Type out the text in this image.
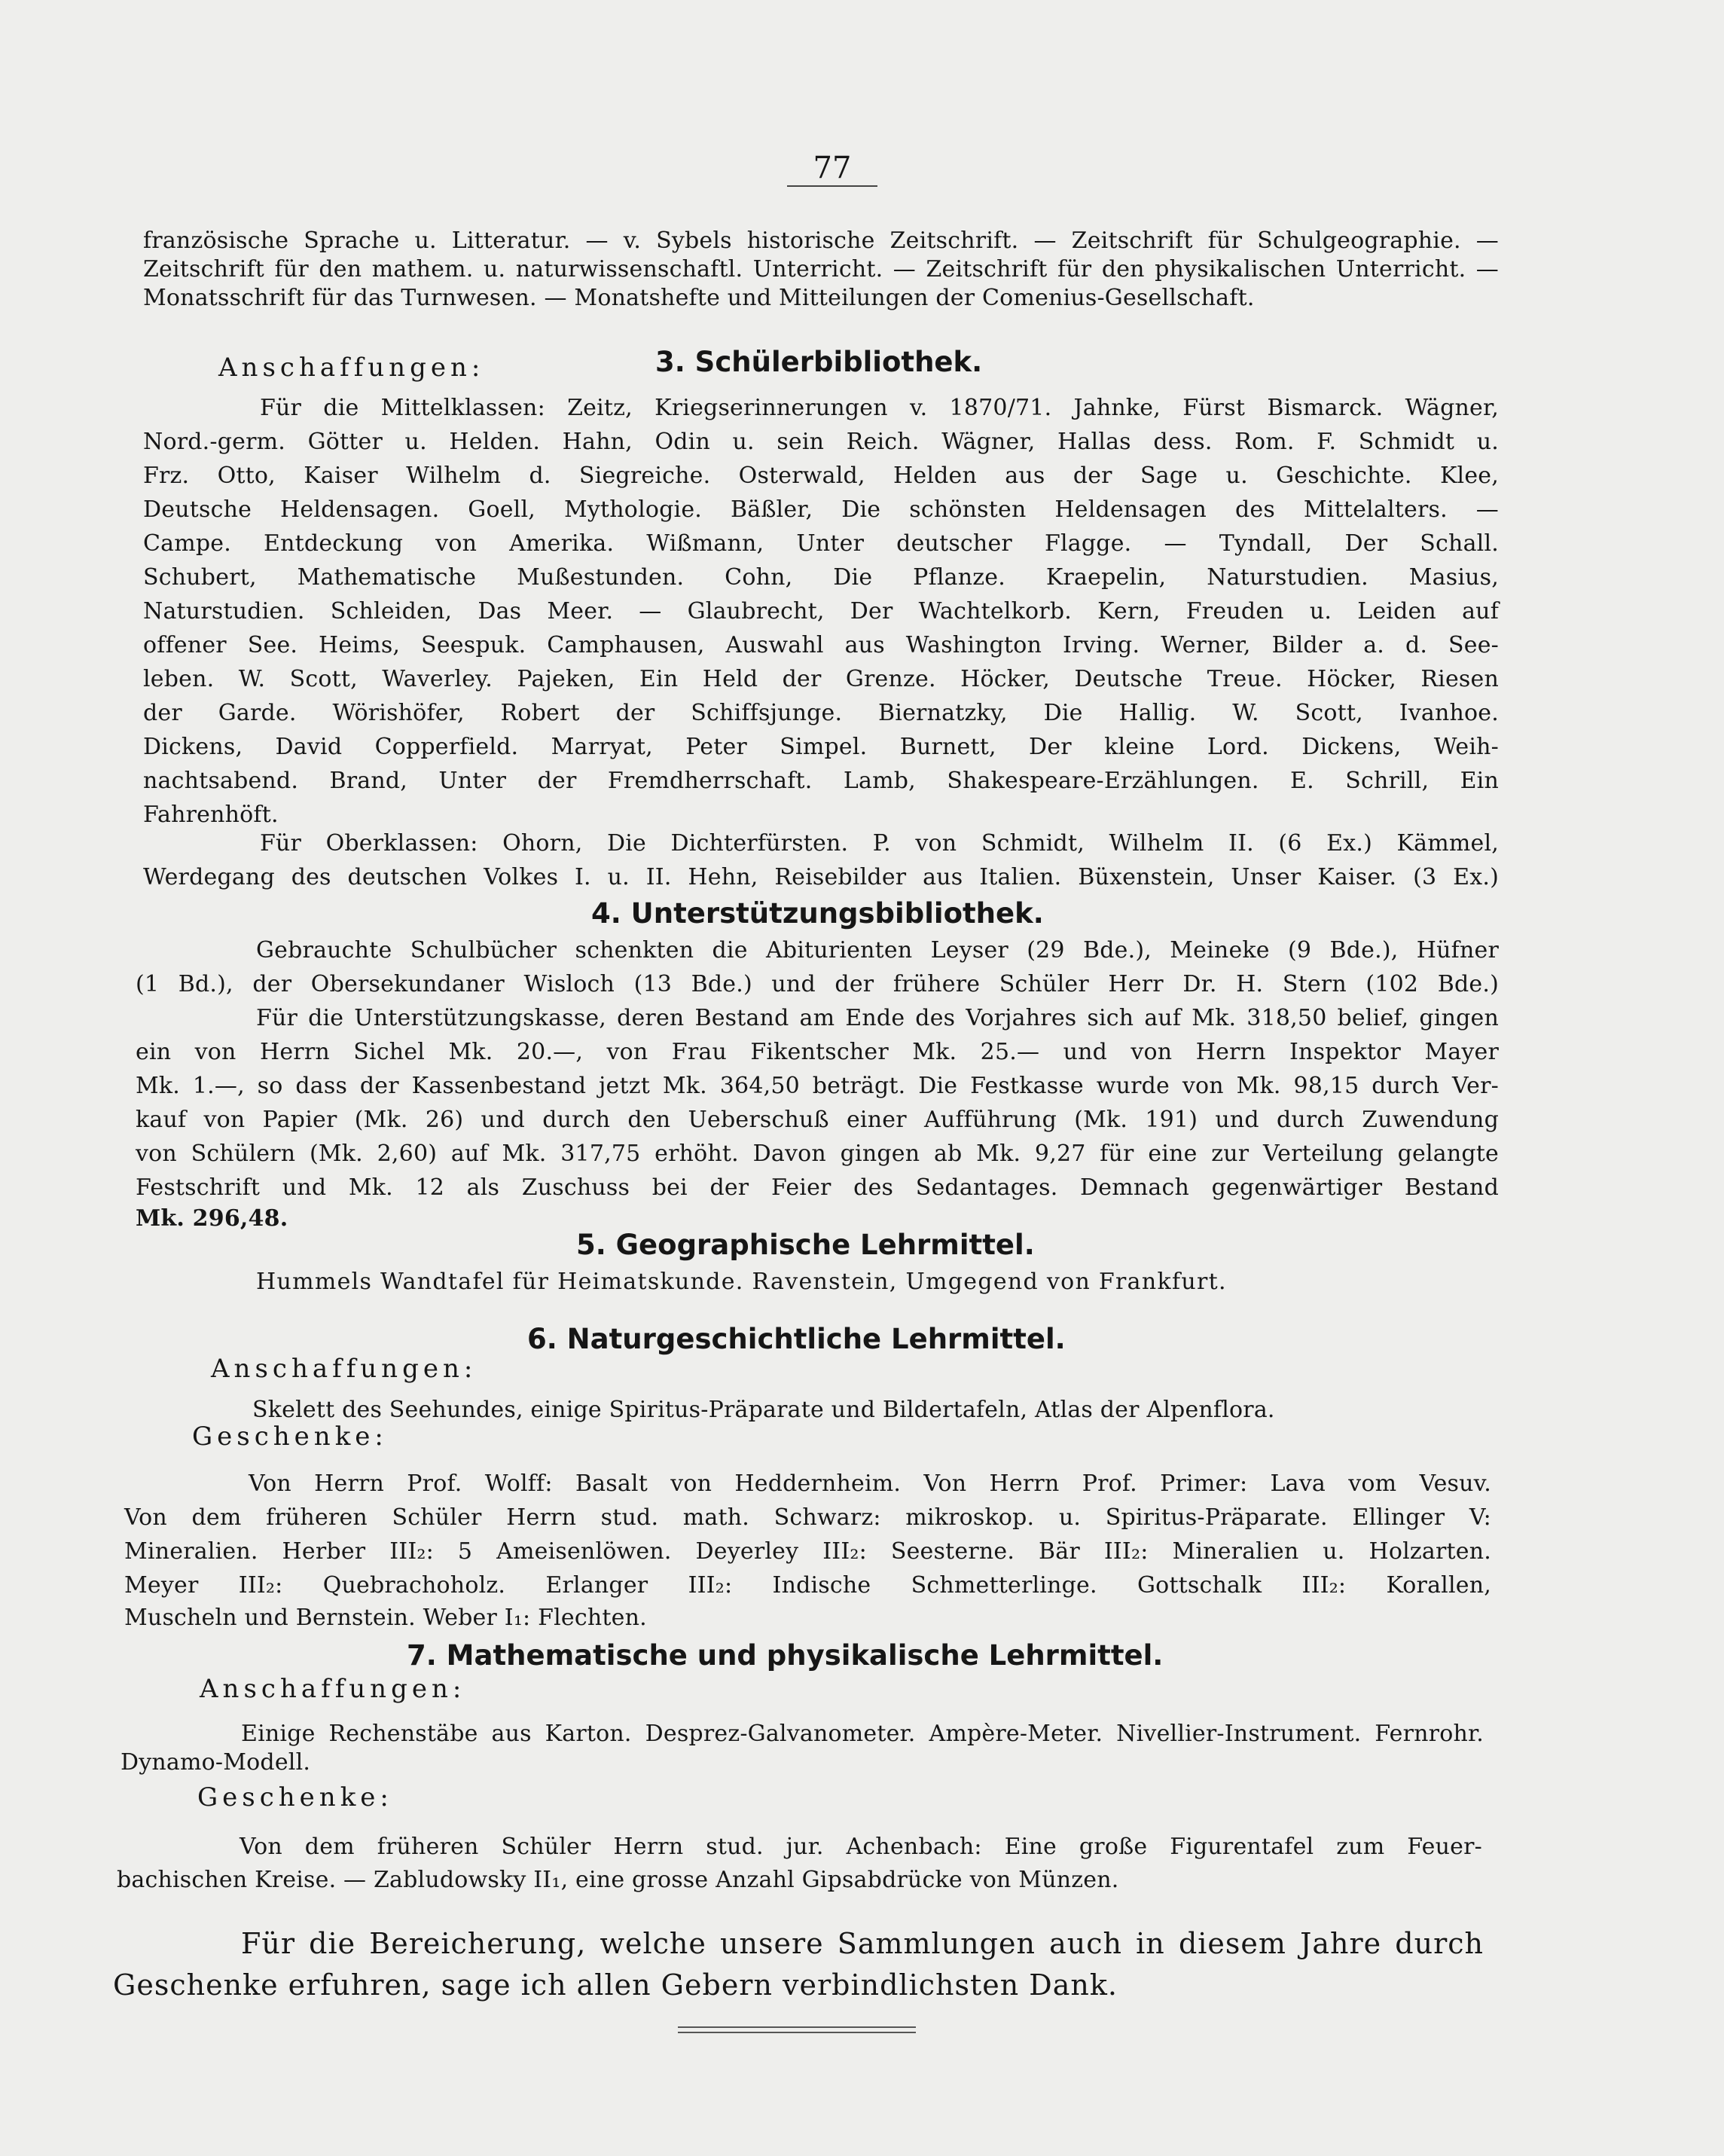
77
französische Sprache u. Litteratur. — v. Sybels historische Zeitschrift. — Zeitschrift für Schulgeographie. —
Zeitschrift für den mathem. u. naturwissenschaftl. Unterricht. — Zeitschrift für den physikalischen Unterricht. —
Monatsschrift für das Turnwesen. — Monatshefte und Mitteilungen der Comenius-Gesellschaft.
Anschaffungen:	3. Schülerbibliothek.
Für die Mittelklassen: Zeitz, Kriegserinnerungen v. 1870/71. Jahnke, Fürst Bismarck. Wägner,
Nord.-germ. Götter u. Helden. Hahn, Odin u. sein Reich. Wägner, Hallas dess. Rom. F. Schmidt u.
Frz. Otto, Kaiser Wilhelm d. Siegreiche. Osterwald, Helden aus der Sage u. Geschichte. Klee,
Deutsche Heldensagen. Goell, Mythologie. Bäßler, Die schönsten Heldensagen des Mittelalters. —
Campe. Entdeckung von Amerika. Wißmann, Unter deutscher Flagge. — Tyndall, Der Schall.
Schubert, Mathematische Mußestunden. Cohn, Die Pflanze. Kraepelin, Naturstudien. Masius,
Naturstudien. Schleiden, Das Meer. — Glaubrecht, Der Wachtelkorb. Kern, Freuden u. Leiden auf
offener See. Heims, Seespuk. Camphausen, Auswahl aus Washington Irving. Werner, Bilder a. d. See-
leben. W. Scott, Waverley. Pajeken, Ein Held der Grenze. Höcker, Deutsche Treue. Höcker, Riesen
der Garde. Wörishöfer, Robert der Schiffsjunge. Biernatzky, Die Hallig. W. Scott, Ivanhoe.
Dickens, David Copperfield. Marryat, Peter Simpel. Burnett, Der kleine Lord. Dickens, Weih-
nachtsabend. Brand, Unter der Fremdherrschaft. Lamb, Shakespeare-Erzählungen. E. Schrill, Ein
Fahrenhöft.
Für Oberklassen: Ohorn, Die Dichterfürsten. P. von Schmidt, Wilhelm II. (6 Ex.) Kämmel,
Werdegang des deutschen Volkes I. u. II. Hehn, Reisebilder aus Italien. Büxenstein, Unser Kaiser. (3 Ex.)
4. Unterstützungsbibliothek.
Gebrauchte Schulbücher schenkten die Abiturienten Leyser (29 Bde.), Meineke (9 Bde.), Hüfner
(1 Bd.), der Obersekundaner Wisloch (13 Bde.) und der frühere Schüler Herr Dr. H. Stern (102 Bde.)
Für die Unterstützungskasse, deren Bestand am Ende des Vorjahres sich auf Mk. 318,50 belief, gingen
ein von Herrn Sichel Mk. 20.—, von Frau Fikentscher Mk. 25.— und von Herrn Inspektor Mayer
Mk. 1.—, so dass der Kassenbestand jetzt Mk. 364,50 beträgt. Die Festkasse wurde von Mk. 98,15 durch Ver-
kauf von Papier (Mk. 26) und durch den Ueberschuß einer Aufführung (Mk. 191) und durch Zuwendung
von Schülern (Mk. 2,60) auf Mk. 317,75 erhöht. Davon gingen ab Mk. 9,27 für eine zur Verteilung gelangte
Festschrift und Mk. 12 als Zuschuss bei der Feier des Sedantages. Demnach gegenwärtiger Bestand
Mk. 296,48.
5. Geographische Lehrmittel.
Hummels Wandtafel für Heimatskunde. Ravenstein, Umgegend von Frankfurt.
6. Naturgeschichtliche Lehrmittel.
Anschaffungen:
Skelett des Seehundes, einige Spiritus-Präparate und Bildertafeln, Atlas der Alpenflora.
Geschenke:
Von Herrn Prof. Wolff: Basalt von Heddernheim. Von Herrn Prof. Primer: Lava vom Vesuv.
Von dem früheren Schüler Herrn stud. math. Schwarz: mikroskop. u. Spiritus-Präparate. Ellinger V:
Mineralien. Herber III₂: 5 Ameisenlöwen. Deyerley III₂: Seesterne. Bär III₂: Mineralien u. Holzarten.
Meyer III₂: Quebrachoholz. Erlanger III₂: Indische Schmetterlinge. Gottschalk III₂: Korallen,
Muscheln und Bernstein. Weber I₁: Flechten.
7. Mathematische und physikalische Lehrmittel.
Anschaffungen:
Einige Rechenstäbe aus Karton. Desprez-Galvanometer. Ampère-Meter. Nivellier-Instrument. Fernrohr.
Dynamo-Modell.
Geschenke:
Von dem früheren Schüler Herrn stud. jur. Achenbach: Eine große Figurentafel zum Feuer-
bachischen Kreise. — Zabludowsky II₁, eine grosse Anzahl Gipsabdrücke von Münzen.
Für die Bereicherung, welche unsere Sammlungen auch in diesem Jahre durch
Geschenke erfuhren, sage ich allen Gebern verbindlichsten Dank.
